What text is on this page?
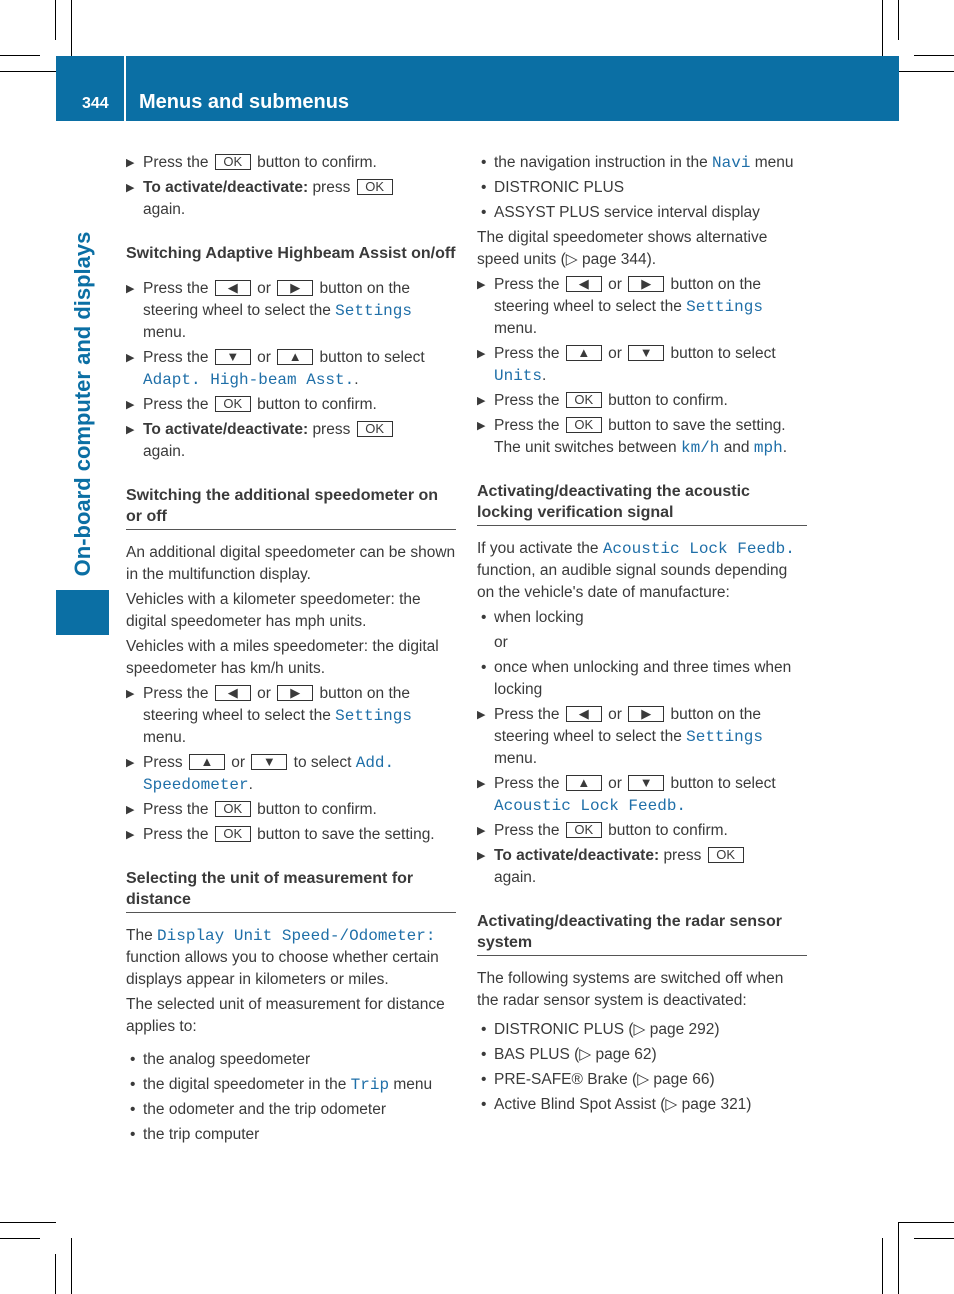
344 Menus and submenus
On-board computer and displays
▶ Press the OK button to confirm.
▶ To activate/deactivate: press OK
again.
Switching Adaptive Highbeam Assist on/off
▶ Press the ◀ or ▶ button on the steering wheel to select the Settings menu.
▶ Press the ▼ or ▲ button to select Adapt. High-beam Asst..
▶ Press the OK button to confirm.
▶ To activate/deactivate: press OK
again.
Switching the additional speedometer on or off
An additional digital speedometer can be shown in the multifunction display.
Vehicles with a kilometer speedometer: the digital speedometer has mph units.
Vehicles with a miles speedometer: the digital speedometer has km/h units.
▶ Press the ◀ or ▶ button on the steering wheel to select the Settings menu.
▶ Press ▲ or ▼ to select Add. Speedometer.
▶ Press the OK button to confirm.
▶ Press the OK button to save the setting.
Selecting the unit of measurement for distance
The Display Unit Speed-/Odometer: function allows you to choose whether certain displays appear in kilometers or miles.
The selected unit of measurement for distance applies to:
• the analog speedometer
• the digital speedometer in the Trip menu
• the odometer and the trip odometer
• the trip computer
• the navigation instruction in the Navi menu
• DISTRONIC PLUS
• ASSYST PLUS service interval display
The digital speedometer shows alternative speed units (▷ page 344).
▶ Press the ◀ or ▶ button on the steering wheel to select the Settings menu.
▶ Press the ▲ or ▼ button to select Units.
▶ Press the OK button to confirm.
▶ Press the OK button to save the setting. The unit switches between km/h and mph.
Activating/deactivating the acoustic locking verification signal
If you activate the Acoustic Lock Feedb. function, an audible signal sounds depending on the vehicle's date of manufacture:
• when locking
or
• once when unlocking and three times when locking
▶ Press the ◀ or ▶ button on the steering wheel to select the Settings menu.
▶ Press the ▲ or ▼ button to select Acoustic Lock Feedb.
▶ Press the OK button to confirm.
▶ To activate/deactivate: press OK
again.
Activating/deactivating the radar sensor system
The following systems are switched off when the radar sensor system is deactivated:
• DISTRONIC PLUS (▷ page 292)
• BAS PLUS (▷ page 62)
• PRE-SAFE® Brake (▷ page 66)
• Active Blind Spot Assist (▷ page 321)
